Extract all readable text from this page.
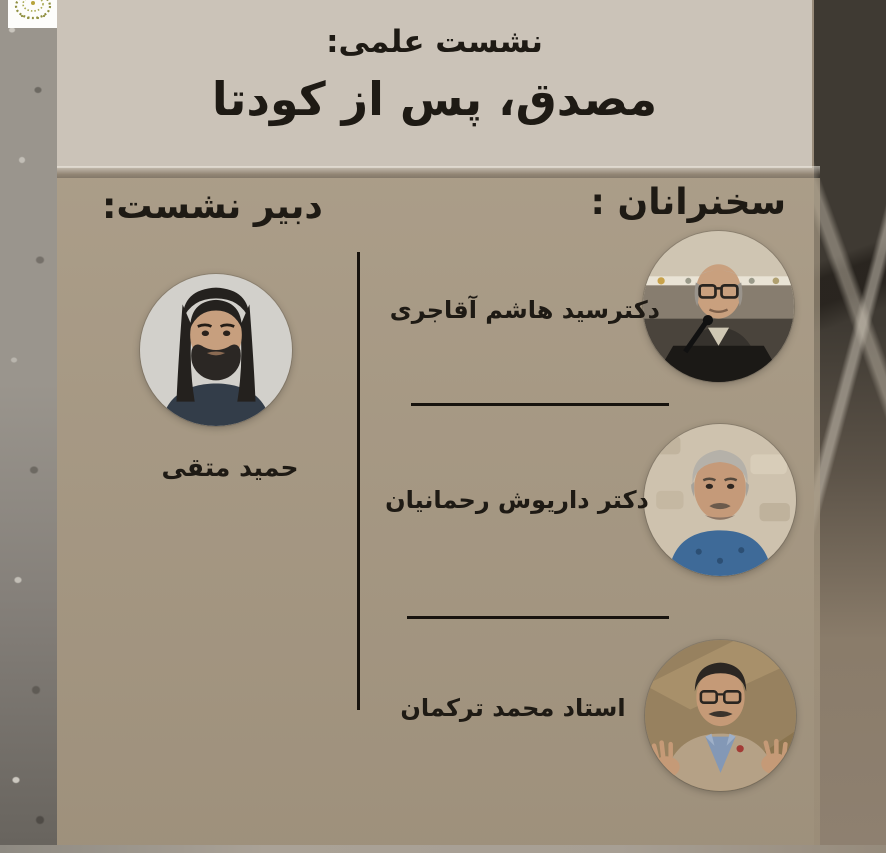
نشست علمی:
مصدق، پس از کودتا
سخنرانان :
دبیر نشست:
دکترسید هاشم آقاجری
دکتر داریوش رحمانیان
استاد محمد ترکمان
حمید متقی
